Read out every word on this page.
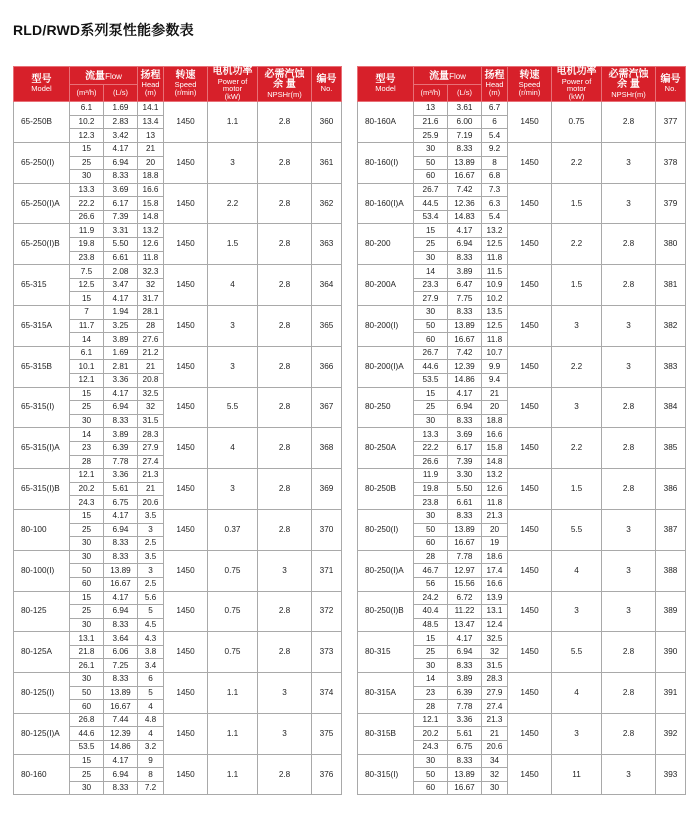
RLD/RWD系列泵性能参数表
型号
Model	流量Flow		扬程
Head
(m)	转速
Speed
(r/min)	电机功率
Power of motor
(kW)	必需汽蚀
余 量
NPSHr(m)	编号
No.

	(m³/h)	(L/s)					

65-250B	6.1	1.69	14.1	1450	1.1	2.8	360
	10.2	2.83	13.4				
	12.3	3.42	13				
65-250(I)	15	4.17	21	1450	3	2.8	361
	25	6.94	20				
	30	8.33	18.8				
65-250(I)A	13.3	3.69	16.6	1450	2.2	2.8	362
	22.2	6.17	15.8				
	26.6	7.39	14.8				
65-250(I)B	11.9	3.31	13.2	1450	1.5	2.8	363
	19.8	5.50	12.6				
	23.8	6.61	11.8				
65-315	7.5	2.08	32.3	1450	4	2.8	364
	12.5	3.47	32				
	15	4.17	31.7				
65-315A	7	1.94	28.1	1450	3	2.8	365
	11.7	3.25	28				
	14	3.89	27.6				
65-315B	6.1	1.69	21.2	1450	3	2.8	366
	10.1	2.81	21				
	12.1	3.36	20.8				
65-315(I)	15	4.17	32.5	1450	5.5	2.8	367
	25	6.94	32				
	30	8.33	31.5				
65-315(I)A	14	3.89	28.3	1450	4	2.8	368
	23	6.39	27.9				
	28	7.78	27.4				
65-315(I)B	12.1	3.36	21.3	1450	3	2.8	369
	20.2	5.61	21				
	24.3	6.75	20.6				
80-100	15	4.17	3.5	1450	0.37	2.8	370
	25	6.94	3				
	30	8.33	2.5				
80-100(I)	30	8.33	3.5	1450	0.75	3	371
	50	13.89	3				
	60	16.67	2.5				
80-125	15	4.17	5.6	1450	0.75	2.8	372
	25	6.94	5				
	30	8.33	4.5				
80-125A	13.1	3.64	4.3	1450	0.75	2.8	373
	21.8	6.06	3.8				
	26.1	7.25	3.4				
80-125(I)	30	8.33	6	1450	1.1	3	374
	50	13.89	5				
	60	16.67	4				
80-125(I)A	26.8	7.44	4.8	1450	1.1	3	375
	44.6	12.39	4				
	53.5	14.86	3.2				
80-160	15	4.17	9	1450	1.1	2.8	376
	25	6.94	8				
	30	8.33	7.2				
型号
Model	流量Flow		扬程
Head
(m)	转速
Speed
(r/min)	电机功率
Power of motor
(kW)	必需汽蚀
余 量
NPSHr(m)	编号
No.

	(m³/h)	(L/s)					

80-160A	13	3.61	6.7	1450	0.75	2.8	377
	21.6	6.00	6				
	25.9	7.19	5.4				
80-160(I)	30	8.33	9.2	1450	2.2	3	378
	50	13.89	8				
	60	16.67	6.8				
80-160(I)A	26.7	7.42	7.3	1450	1.5	3	379
	44.5	12.36	6.3				
	53.4	14.83	5.4				
80-200	15	4.17	13.2	1450	2.2	2.8	380
	25	6.94	12.5				
	30	8.33	11.8				
80-200A	14	3.89	11.5	1450	1.5	2.8	381
	23.3	6.47	10.9				
	27.9	7.75	10.2				
80-200(I)	30	8.33	13.5	1450	3	3	382
	50	13.89	12.5				
	60	16.67	11.8				
80-200(I)A	26.7	7.42	10.7	1450	2.2	3	383
	44.6	12.39	9.9				
	53.5	14.86	9.4				
80-250	15	4.17	21	1450	3	2.8	384
	25	6.94	20				
	30	8.33	18.8				
80-250A	13.3	3.69	16.6	1450	2.2	2.8	385
	22.2	6.17	15.8				
	26.6	7.39	14.8				
80-250B	11.9	3.30	13.2	1450	1.5	2.8	386
	19.8	5.50	12.6				
	23.8	6.61	11.8				
80-250(I)	30	8.33	21.3	1450	5.5	3	387
	50	13.89	20				
	60	16.67	19				
80-250(I)A	28	7.78	18.6	1450	4	3	388
	46.7	12.97	17.4				
	56	15.56	16.6				
80-250(I)B	24.2	6.72	13.9	1450	3	3	389
	40.4	11.22	13.1				
	48.5	13.47	12.4				
80-315	15	4.17	32.5	1450	5.5	2.8	390
	25	6.94	32				
	30	8.33	31.5				
80-315A	14	3.89	28.3	1450	4	2.8	391
	23	6.39	27.9				
	28	7.78	27.4				
80-315B	12.1	3.36	21.3	1450	3	2.8	392
	20.2	5.61	21				
	24.3	6.75	20.6				
80-315(I)	30	8.33	34	1450	11	3	393
	50	13.89	32				
	60	16.67	30				
